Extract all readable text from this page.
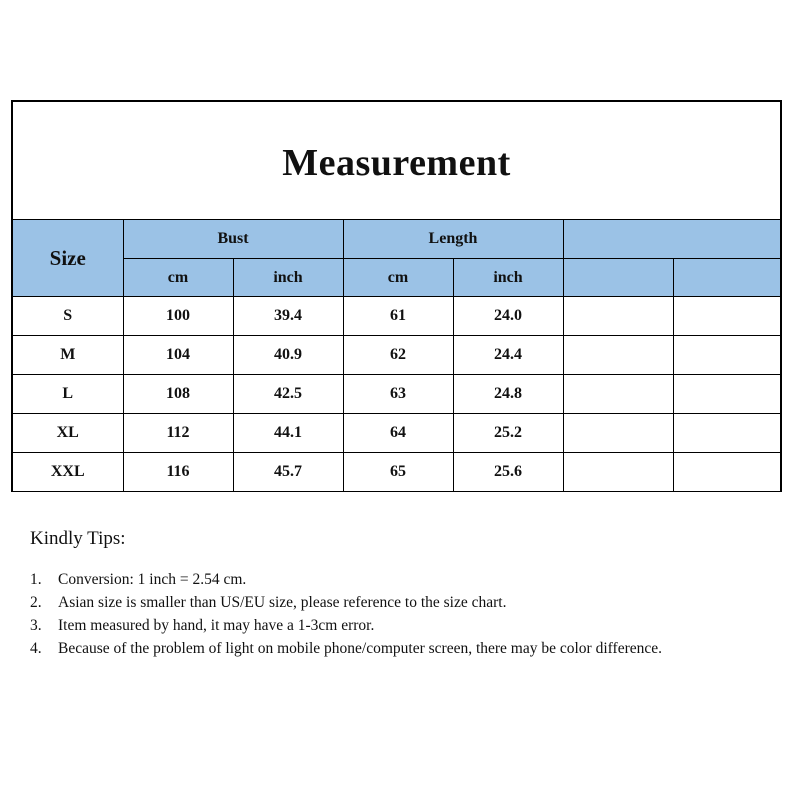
Measurement
Size	Bust		Length			
	cm	inch	cm	inch		
S	100	39.4	61	24.0		
M	104	40.9	62	24.4		
L	108	42.5	63	24.8		
XL	112	44.1	64	25.2		
XXL	116	45.7	65	25.6		

Kindly Tips:

1.	Conversion: 1 inch = 2.54 cm.
2.	Asian size is smaller than US/EU size, please reference to the size chart.
3.	Item measured by hand, it may have a 1-3cm error.
4.	Because of the problem of light on mobile phone/computer screen, there may be color difference.
